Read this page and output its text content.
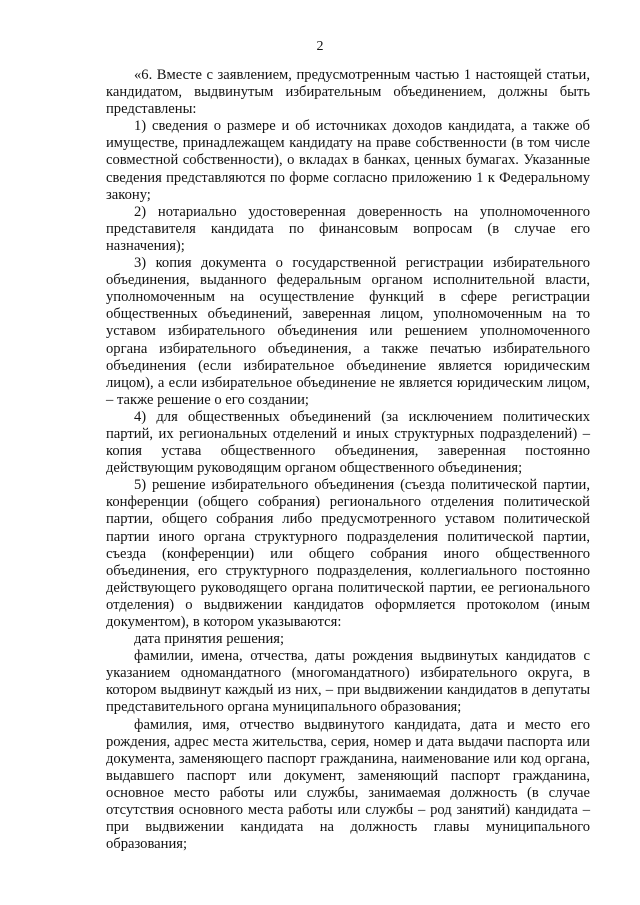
2

«6. Вместе с заявлением, предусмотренным частью 1 настоящей статьи, кандидатом, выдвинутым избирательным объединением, должны быть представлены:

1) сведения о размере и об источниках доходов кандидата, а также об имуществе, принадлежащем кандидату на праве собственности (в том числе совместной собственности), о вкладах в банках, ценных бумагах. Указанные сведения представляются по форме согласно приложению 1 к Федеральному закону;

2) нотариально удостоверенная доверенность на уполномоченного представителя кандидата по финансовым вопросам (в случае его назначения);

3) копия документа о государственной регистрации избирательного объединения, выданного федеральным органом исполнительной власти, уполномоченным на осуществление функций в сфере регистрации общественных объединений, заверенная лицом, уполномоченным на то уставом избирательного объединения или решением уполномоченного органа избирательного объединения, а также печатью избирательного объединения (если избирательное объединение является юридическим лицом), а если избирательное объединение не является юридическим лицом, – также решение о его создании;

4) для общественных объединений (за исключением политических партий, их региональных отделений и иных структурных подразделений) – копия устава общественного объединения, заверенная постоянно действующим руководящим органом общественного объединения;

5) решение избирательного объединения (съезда политической партии, конференции (общего собрания) регионального отделения политической партии, общего собрания либо предусмотренного уставом политической партии иного органа структурного подразделения политической партии, съезда (конференции) или общего собрания иного общественного объединения, его структурного подразделения, коллегиального постоянно действующего руководящего органа политической партии, ее регионального отделения) о выдвижении кандидатов оформляется протоколом (иным документом), в котором указываются:

дата принятия решения;

фамилии, имена, отчества, даты рождения выдвинутых кандидатов с указанием одномандатного (многомандатного) избирательного округа, в котором выдвинут каждый из них, – при выдвижении кандидатов в депутаты представительного органа муниципального образования;

фамилия, имя, отчество выдвинутого кандидата, дата и место его рождения, адрес места жительства, серия, номер и дата выдачи паспорта или документа, заменяющего паспорт гражданина, наименование или код органа, выдавшего паспорт или документ, заменяющий паспорт гражданина, основное место работы или службы, занимаемая должность (в случае отсутствия основного места работы или службы – род занятий) кандидата – при выдвижении кандидата на должность главы муниципального образования;
